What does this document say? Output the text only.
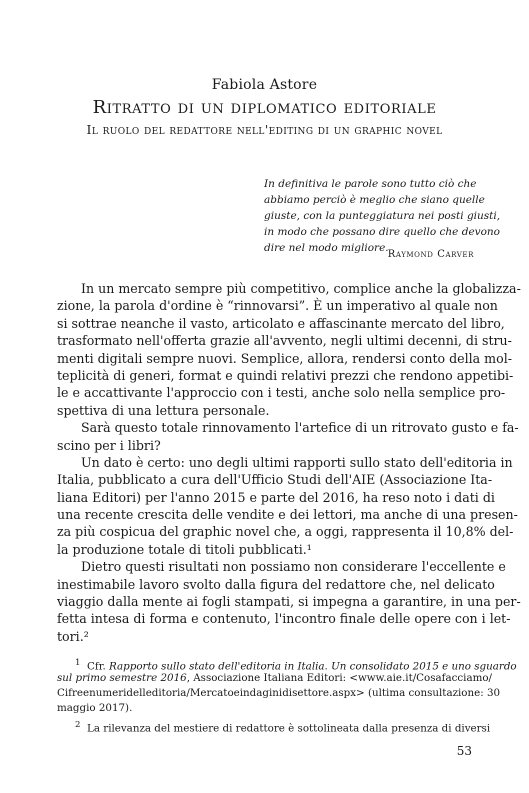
Fabiola Astore
Ritratto di un diplomatico editoriale
Il ruolo del redattore nell'editing di un graphic novel
In definitiva le parole sono tutto ciò che
abbiamo perciò è meglio che siano quelle
giuste, con la punteggiatura nei posti giusti,
in modo che possano dire quello che devono
dire nel modo migliore.
Raymond Carver
In un mercato sempre più competitivo, complice anche la globalizza-
zione, la parola d'ordine è “rinnovarsi”. È un imperativo al quale non
si sottrae neanche il vasto, articolato e affascinante mercato del libro,
trasformato nell'offerta grazie all'avvento, negli ultimi decenni, di stru-
menti digitali sempre nuovi. Semplice, allora, rendersi conto della mol-
teplicità di generi, format e quindi relativi prezzi che rendono appetibi-
le e accattivante l'approccio con i testi, anche solo nella semplice pro-
spettiva di una lettura personale.
Sarà questo totale rinnovamento l'artefice di un ritrovato gusto e fa-
scino per i libri?
Un dato è certo: uno degli ultimi rapporti sullo stato dell'editoria in
Italia, pubblicato a cura dell'Ufficio Studi dell'AIE (Associazione Ita-
liana Editori) per l'anno 2015 e parte del 2016, ha reso noto i dati di
una recente crescita delle vendite e dei lettori, ma anche di una presen-
za più cospicua del graphic novel che, a oggi, rappresenta il 10,8% del-
la produzione totale di titoli pubblicati.¹
Dietro questi risultati non possiamo non considerare l'eccellente e
inestimabile lavoro svolto dalla figura del redattore che, nel delicato
viaggio dalla mente ai fogli stampati, si impegna a garantire, in una per-
fetta intesa di forma e contenuto, l'incontro finale delle opere con i let-
tori.²
$^1$ Cfr. Rapporto sullo stato dell'editoria in Italia. Un consolidato 2015 e uno sguardo
sul primo semestre 2016, Associazione Italiana Editori: <www.aie.it/Cosafacciamo/
Cifreenumeridelleditoria/Mercatoeindaginidisettore.aspx> (ultima consultazione: 30
maggio 2017).
$^2$ La rilevanza del mestiere di redattore è sottolineata dalla presenza di diversi
53
